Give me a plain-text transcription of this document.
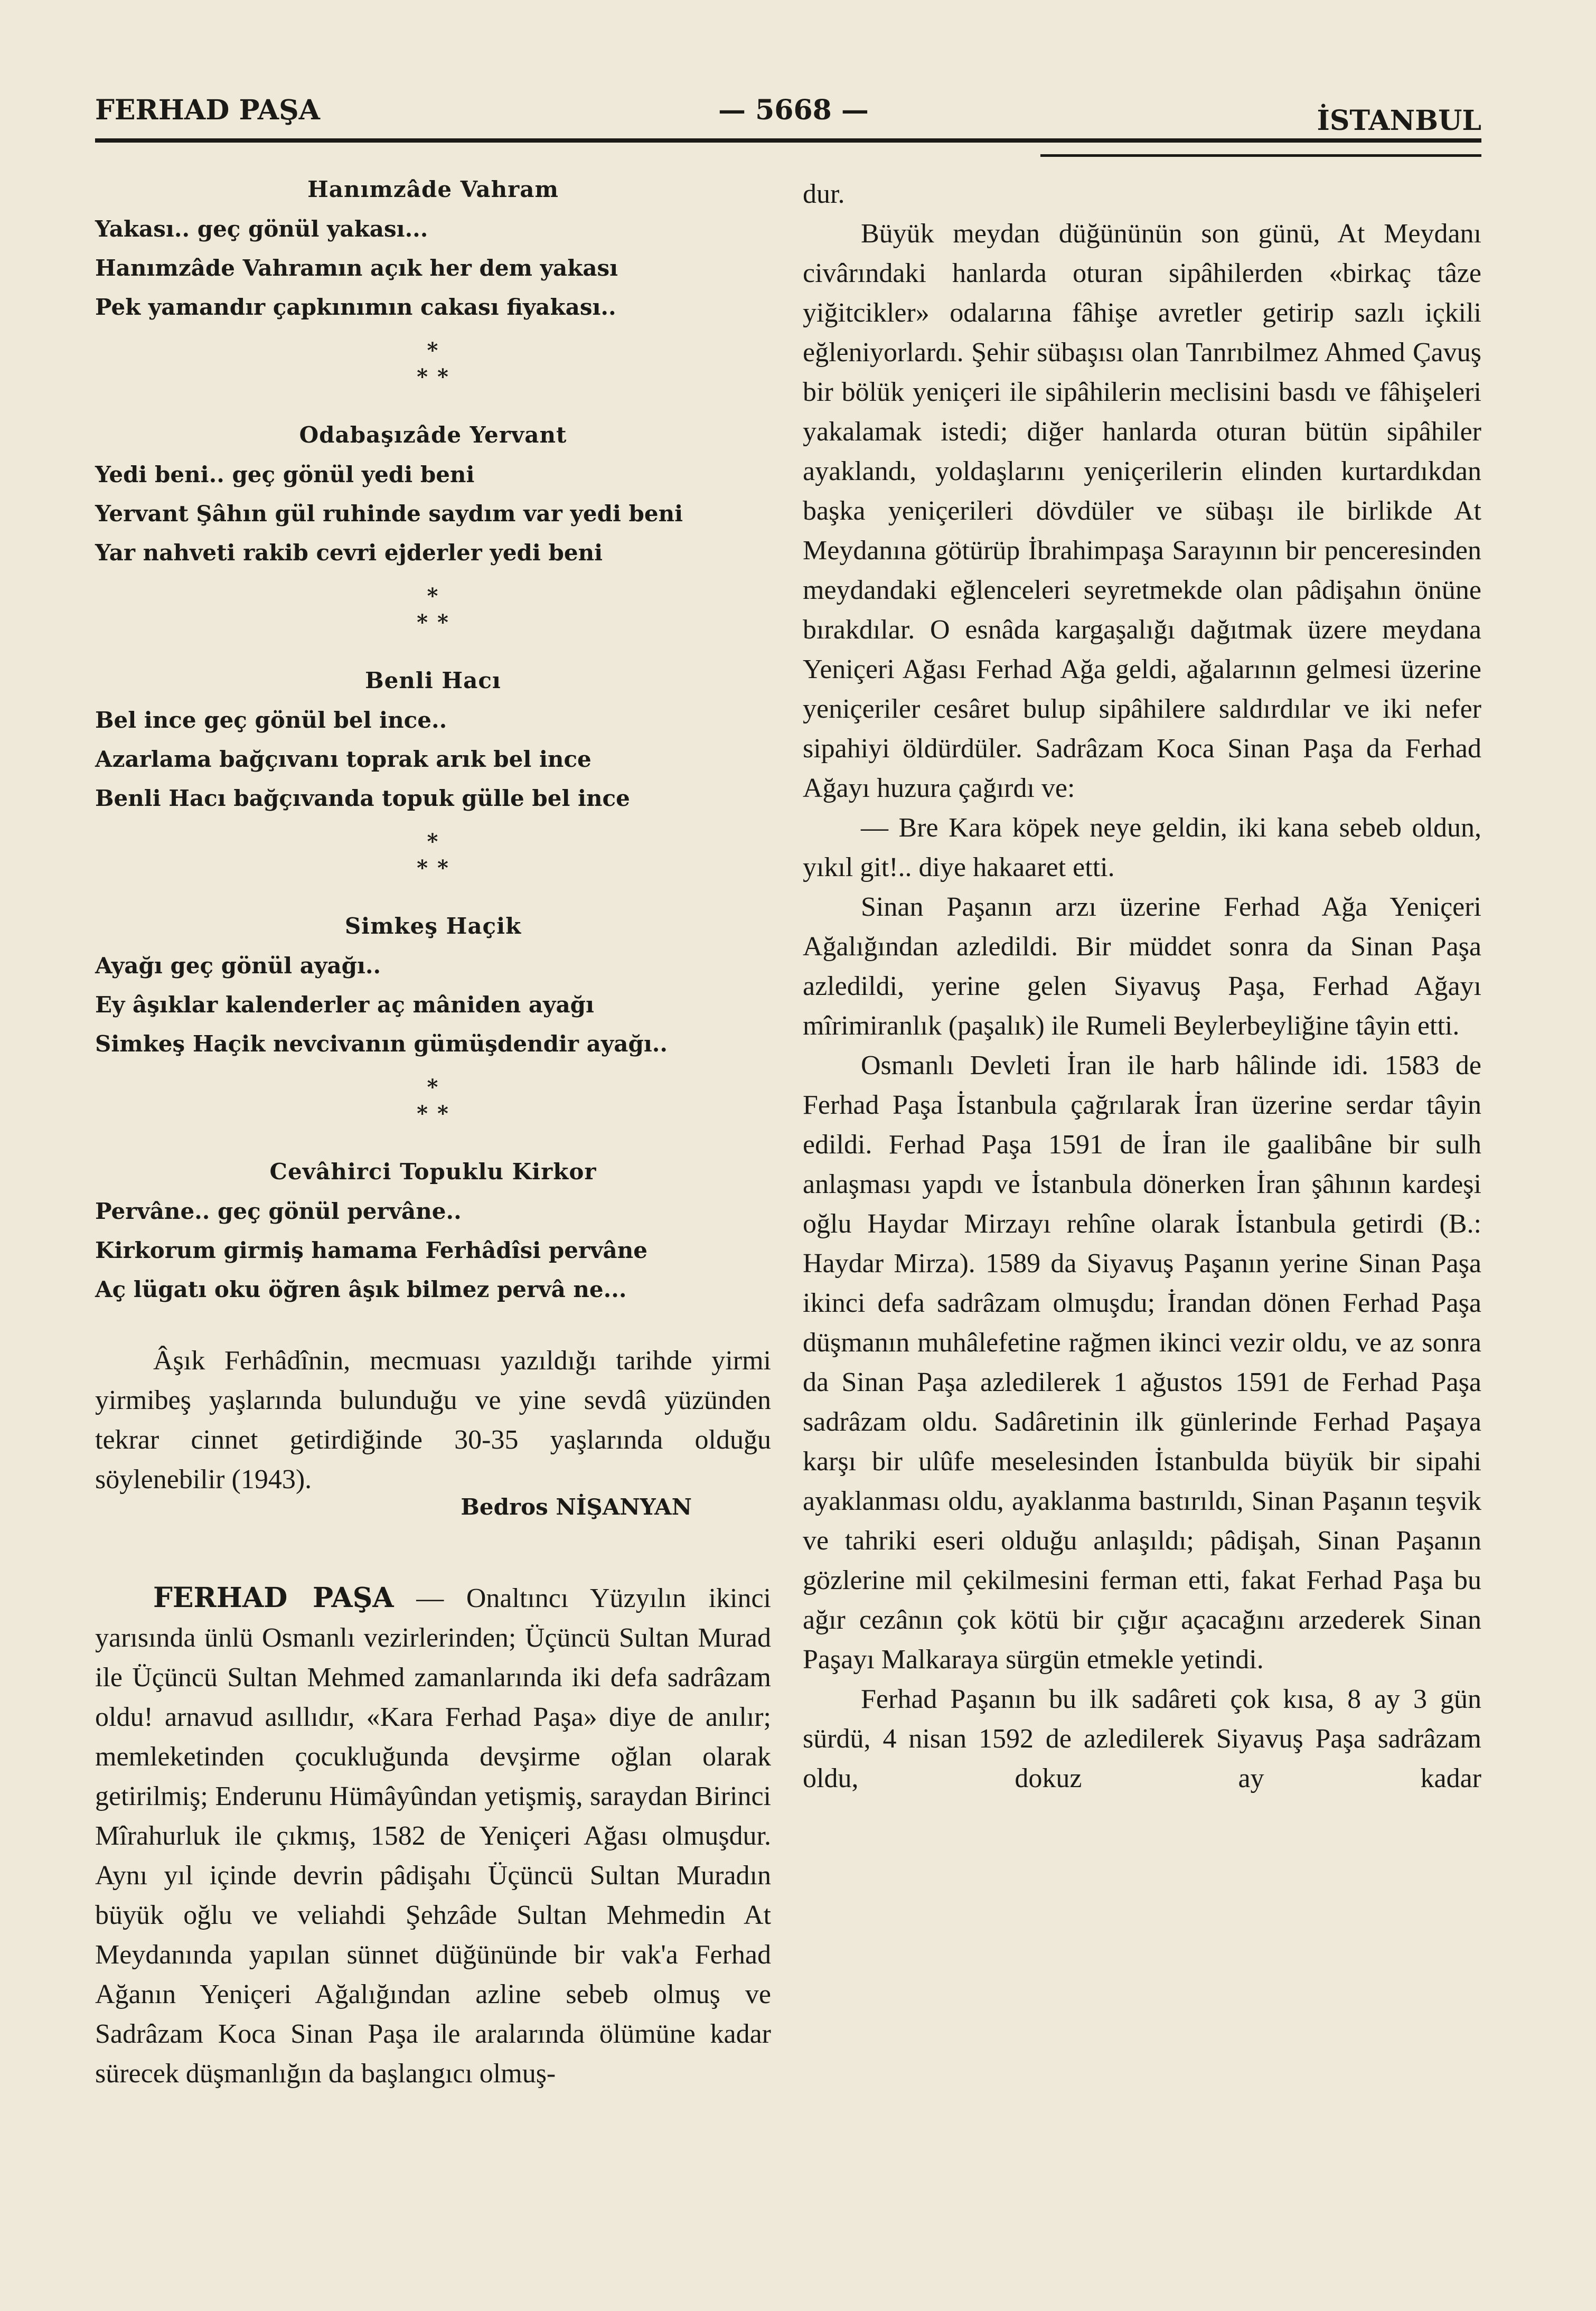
FERHAD PAŞA	— 5668 —	İSTANBUL
Hanımzâde Vahram
Yakası.. geç gönül yakası...
Hanımzâde Vahramın açık her dem yakası
Pek yamandır çapkınımın cakası fiyakası..
*
* *
Odabaşızâde Yervant
Yedi beni.. geç gönül yedi beni
Yervant Şâhın gül ruhinde saydım var yedi beni
Yar nahveti rakib cevri ejderler yedi beni
*
* *
Benli Hacı
Bel ince geç gönül bel ince..
Azarlama bağçıvanı toprak arık bel ince
Benli Hacı bağçıvanda topuk gülle bel ince
*
* *
Simkeş Haçik
Ayağı geç gönül ayağı..
Ey âşıklar kalenderler aç mâniden ayağı
Simkeş Haçik nevcivanın gümüşdendir ayağı..
*
* *
Cevâhirci Topuklu Kirkor
Pervâne.. geç gönül pervâne..
Kirkorum girmiş hamama Ferhâdîsi pervâne
Aç lügatı oku öğren âşık bilmez pervâ ne...

Âşık Ferhâdînin, mecmuası yazıldığı tarihde yirmi yirmibeş yaşlarında bulunduğu ve yine sevdâ yüzünden tekrar cinnet getirdiğinde 30-35 yaşlarında olduğu söylenebilir (1943).

Bedros NİŞANYAN

FERHAD PAŞA — Onaltıncı Yüzyılın ikinci yarısında ünlü Osmanlı vezirlerinden; Üçüncü Sultan Murad ile Üçüncü Sultan Mehmed zamanlarında iki defa sadrâzam oldu! arnavud asıllıdır, «Kara Ferhad Paşa» diye de anılır; memleketinden çocukluğunda devşirme oğlan olarak getirilmiş; Enderunu Hümâyûndan yetişmiş, saraydan Birinci Mîrahurluk ile çıkmış, 1582 de Yeniçeri Ağası olmuşdur. Aynı yıl içinde devrin pâdişahı Üçüncü Sultan Muradın büyük oğlu ve veliahdi Şehzâde Sultan Mehmedin At Meydanında yapılan sünnet düğününde bir vak'a Ferhad Ağanın Yeniçeri Ağalığından azline sebeb olmuş ve Sadrâzam Koca Sinan Paşa ile aralarında ölümüne kadar sürecek düşmanlığın da başlangıcı olmuş-

dur.

Büyük meydan düğününün son günü, At Meydanı civârındaki hanlarda oturan sipâhilerden «birkaç tâze yiğitcikler» odalarına fâhişe avretler getirip sazlı içkili eğleniyorlardı. Şehir sübaşısı olan Tanrıbilmez Ahmed Çavuş bir bölük yeniçeri ile sipâhilerin meclisini basdı ve fâhişeleri yakalamak istedi; diğer hanlarda oturan bütün sipâhiler ayaklandı, yoldaşlarını yeniçerilerin elinden kurtardıkdan başka yeniçerileri dövdüler ve sübaşı ile birlikde At Meydanına götürüp İbrahimpaşa Sarayının bir penceresinden meydandaki eğlenceleri seyretmekde olan pâdişahın önüne bırakdılar. O esnâda kargaşalığı dağıtmak üzere meydana Yeniçeri Ağası Ferhad Ağa geldi, ağalarının gelmesi üzerine yeniçeriler cesâret bulup sipâhilere saldırdılar ve iki nefer sipahiyi öldürdüler. Sadrâzam Koca Sinan Paşa da Ferhad Ağayı huzura çağırdı ve:

— Bre Kara köpek neye geldin, iki kana sebeb oldun, yıkıl git!.. diye hakaaret etti.

Sinan Paşanın arzı üzerine Ferhad Ağa Yeniçeri Ağalığından azledildi. Bir müddet sonra da Sinan Paşa azledildi, yerine gelen Siyavuş Paşa, Ferhad Ağayı mîrimiranlık (paşalık) ile Rumeli Beylerbeyliğine tâyin etti.

Osmanlı Devleti İran ile harb hâlinde idi. 1583 de Ferhad Paşa İstanbula çağrılarak İran üzerine serdar tâyin edildi. Ferhad Paşa 1591 de İran ile gaalibâne bir sulh anlaşması yapdı ve İstanbula dönerken İran şâhının kardeşi oğlu Haydar Mirzayı rehîne olarak İstanbula getirdi (B.: Haydar Mirza). 1589 da Siyavuş Paşanın yerine Sinan Paşa ikinci defa sadrâzam olmuşdu; İrandan dönen Ferhad Paşa düşmanın muhâlefetine rağmen ikinci vezir oldu, ve az sonra da Sinan Paşa azledilerek 1 ağustos 1591 de Ferhad Paşa sadrâzam oldu. Sadâretinin ilk günlerinde Ferhad Paşaya karşı bir ulûfe meselesinden İstanbulda büyük bir sipahi ayaklanması oldu, ayaklanma bastırıldı, Sinan Paşanın teşvik ve tahriki eseri olduğu anlaşıldı; pâdişah, Sinan Paşanın gözlerine mil çekilmesini ferman etti, fakat Ferhad Paşa bu ağır cezânın çok kötü bir çığır açacağını arzederek Sinan Paşayı Malkaraya sürgün etmekle yetindi.

Ferhad Paşanın bu ilk sadâreti çok kısa, 8 ay 3 gün sürdü, 4 nisan 1592 de azledilerek Siyavuş Paşa sadrâzam oldu, dokuz ay kadar
